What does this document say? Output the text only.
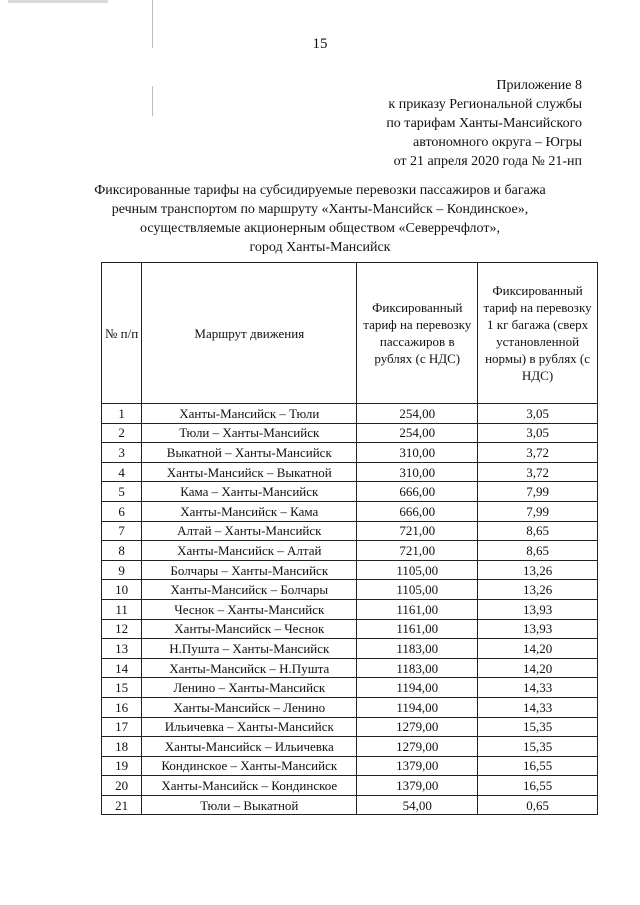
15
Приложение 8
к приказу Региональной службы
по тарифам Ханты-Мансийского
автономного округа – Югры
от 21 апреля 2020 года № 21-нп
Фиксированные тарифы на субсидируемые перевозки пассажиров и багажа
речным транспортом по маршруту «Ханты-Мансийск – Кондинское»,
осуществляемые акционерным обществом «Северречфлот»,
город Ханты-Мансийск
№ п/п	Маршрут движения	Фиксированный тариф на перевозку пассажиров в рублях (с НДС)	Фиксированный тариф на перевозку 1 кг багажа (сверх установленной нормы) в рублях (с НДС)
1	Ханты-Мансийск – Тюли	254,00	3,05
2	Тюли – Ханты-Мансийск	254,00	3,05
3	Выкатной – Ханты-Мансийск	310,00	3,72
4	Ханты-Мансийск – Выкатной	310,00	3,72
5	Кама – Ханты-Мансийск	666,00	7,99
6	Ханты-Мансийск – Кама	666,00	7,99
7	Алтай – Ханты-Мансийск	721,00	8,65
8	Ханты-Мансийск – Алтай	721,00	8,65
9	Болчары – Ханты-Мансийск	1105,00	13,26
10	Ханты-Мансийск – Болчары	1105,00	13,26
11	Чеснок – Ханты-Мансийск	1161,00	13,93
12	Ханты-Мансийск – Чеснок	1161,00	13,93
13	Н.Пушта – Ханты-Мансийск	1183,00	14,20
14	Ханты-Мансийск – Н.Пушта	1183,00	14,20
15	Ленино – Ханты-Мансийск	1194,00	14,33
16	Ханты-Мансийск – Ленино	1194,00	14,33
17	Ильичевка – Ханты-Мансийск	1279,00	15,35
18	Ханты-Мансийск – Ильичевка	1279,00	15,35
19	Кондинское – Ханты-Мансийск	1379,00	16,55
20	Ханты-Мансийск – Кондинское	1379,00	16,55
21	Тюли – Выкатной	54,00	0,65
